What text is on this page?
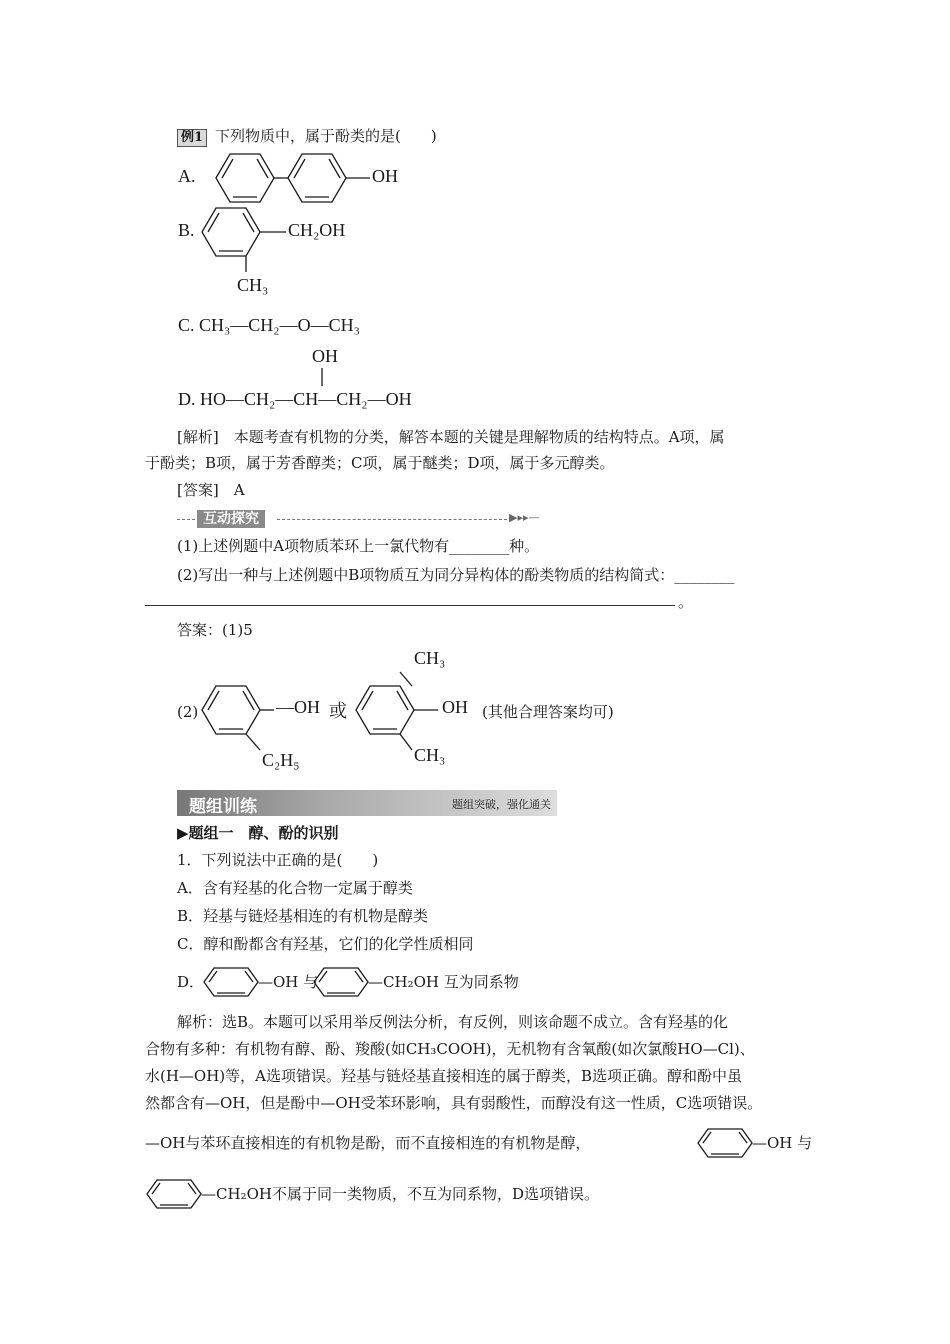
例1 下列物质中，属于酚类的是(　　)
A.	OH
B.	CH₂OH
CH₃
C. CH₃—CH₂—O—CH₃
OH
D. HO—CH₂—CH—CH₂—OH
[解析]　本题考查有机物的分类，解答本题的关键是理解物质的结构特点。A项，属
于酚类；B项，属于芳香醇类；C项，属于醚类；D项，属于多元醇类。
[答案]　A
互动探究	▶▸▸—
(1)上述例题中A项物质苯环上一氯代物有________种。
(2)写出一种与上述例题中B项物质互为同分异构体的酚类物质的结构简式：________
。
答案：(1)5
(2)	—OH 或
C₂H₅
CH₃
OH
CH₃
(其他合理答案均可)
题组训练	题组突破，强化通关
▶题组一　醇、酚的识别
1．下列说法中正确的是(　　)
A．含有羟基的化合物一定属于醇类
B．羟基与链烃基相连的有机物是醇类
C．醇和酚都含有羟基，它们的化学性质相同
D．	—OH 与	—CH₂OH 互为同系物
解析：选B。本题可以采用举反例法分析，有反例，则该命题不成立。含有羟基的化
合物有多种：有机物有醇、酚、羧酸(如CH₃COOH)，无机物有含氧酸(如次氯酸HO—Cl)、
水(H—OH)等，A选项错误。羟基与链烃基直接相连的属于醇类，B选项正确。醇和酚中虽
然都含有—OH，但是酚中—OH受苯环影响，具有弱酸性，而醇没有这一性质，C选项错误。
—OH与苯环直接相连的有机物是酚，而不直接相连的有机物是醇，	—OH 与
—CH₂OH不属于同一类物质，不互为同系物，D选项错误。
